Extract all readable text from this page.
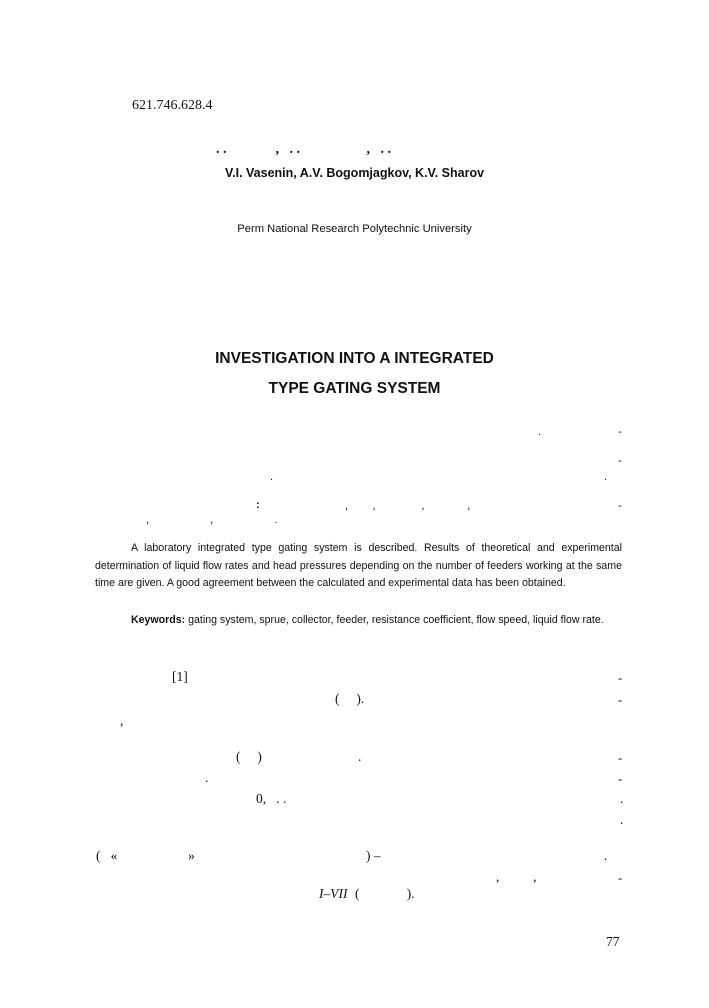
621.746.628.4
. .              ,   . .                   ,   . .
V.I. Vasenin, A.V. Bogomjagkov, K.V. Sharov
Perm National Research Polytechnic University
INVESTIGATION INTO A INTEGRATED
TYPE GATING SYSTEM
.	-
-
.	.
:	,        ,               ,              ,	-
,                    ,                    .
A laboratory integrated type gating system is described. Results of theoretical and experimental determination of liquid flow rates and head pressures depending on the number of feeders working at the same time are given. A good agreement between the calculated and experimental data has been obtained.
Keywords: gating system, sprue, collector, feeder, resistance coefficient, flow speed, liquid flow rate.
[1]	-
(     ).	-
,
(     )	.	-
.	-
0,   . .	.
.
(   «	»	) –	.
,          ,	-
I–VII (              ).
77
